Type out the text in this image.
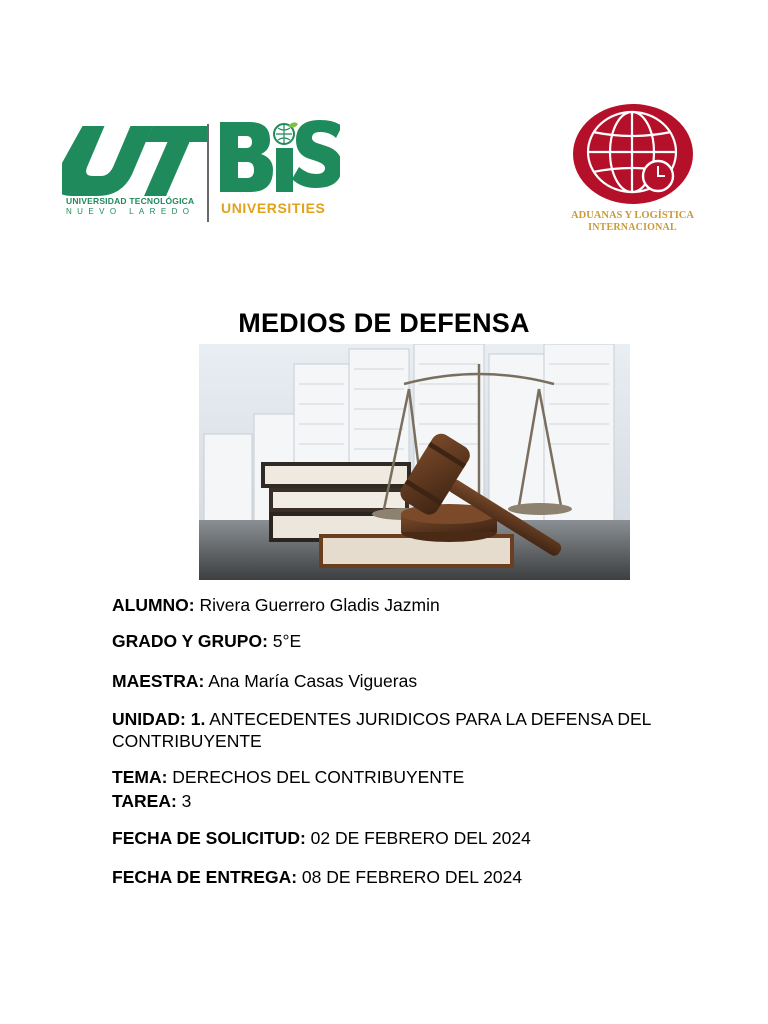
UT
UNIVERSIDAD TECNOLÓGICA
NUEVO LAREDO
BIS
UNIVERSITIES	ADUANAS Y LOGÍSTICA
INTERNACIONAL
MEDIOS DE DEFENSA

ALUMNO: Rivera Guerrero Gladis Jazmin

GRADO Y GRUPO: 5°E

MAESTRA: Ana María Casas Vigueras

UNIDAD: 1. ANTECEDENTES JURIDICOS PARA LA DEFENSA DEL CONTRIBUYENTE

TEMA: DERECHOS DEL CONTRIBUYENTE

TAREA: 3

FECHA DE SOLICITUD: 02 DE FEBRERO DEL 2024

FECHA DE ENTREGA: 08 DE FEBRERO DEL 2024
